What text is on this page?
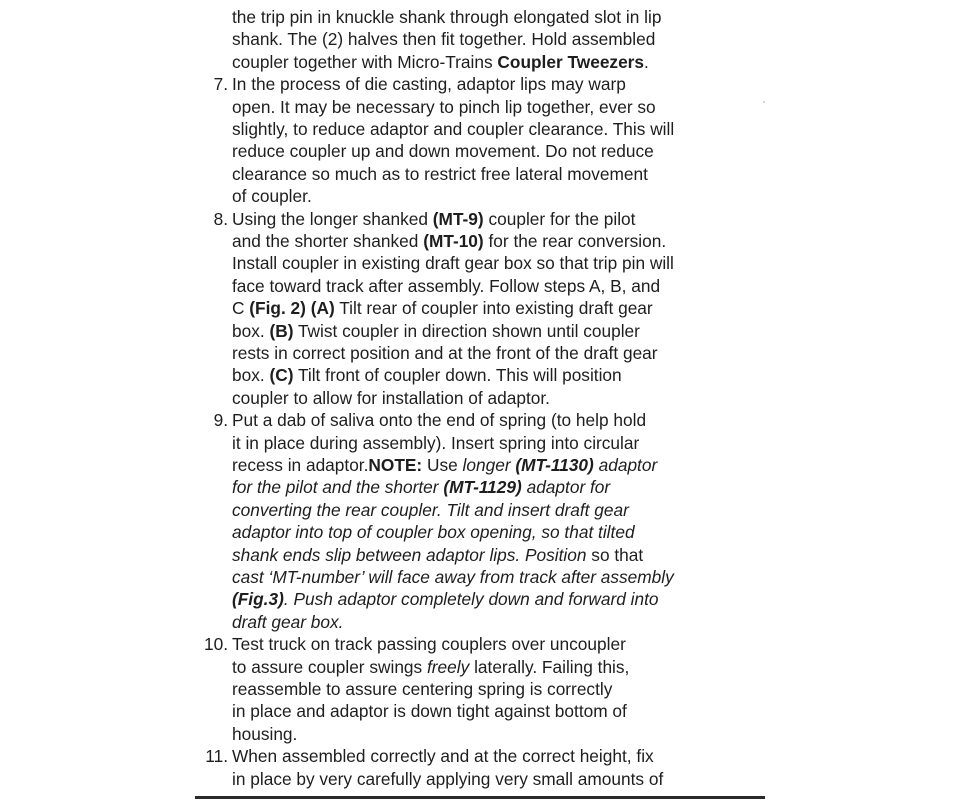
the trip pin in knuckle shank through elongated slot in lip
shank. The (2) halves then fit together. Hold assembled
coupler together with Micro-Trains Coupler Tweezers.
7. In the process of die casting, adaptor lips may warp
open. It may be necessary to pinch lip together, ever so
slightly, to reduce adaptor and coupler clearance. This will
reduce coupler up and down movement. Do not reduce
clearance so much as to restrict free lateral movement
of coupler.
8. Using the longer shanked (MT-9) coupler for the pilot
and the shorter shanked (MT-10) for the rear conversion.
Install coupler in existing draft gear box so that trip pin will
face toward track after assembly. Follow steps A, B, and
C (Fig. 2) (A) Tilt rear of coupler into existing draft gear
box. (B) Twist coupler in direction shown until coupler
rests in correct position and at the front of the draft gear
box. (C) Tilt front of coupler down. This will position
coupler to allow for installation of adaptor.
9. Put a dab of saliva onto the end of spring (to help hold
it in place during assembly). Insert spring into circular
recess in adaptor.NOTE: Use longer (MT-1130) adaptor
for the pilot and the shorter (MT-1129) adaptor for
converting the rear coupler. Tilt and insert draft gear
adaptor into top of coupler box opening, so that tilted
shank ends slip between adaptor lips. Position so that
cast ‘MT-number’ will face away from track after assembly
(Fig.3). Push adaptor completely down and forward into
draft gear box.
10. Test truck on track passing couplers over uncoupler
to assure coupler swings freely laterally. Failing this,
reassemble to assure centering spring is correctly
in place and adaptor is down tight against bottom of
housing.
11. When assembled correctly and at the correct height, fix
in place by very carefully applying very small amounts of
